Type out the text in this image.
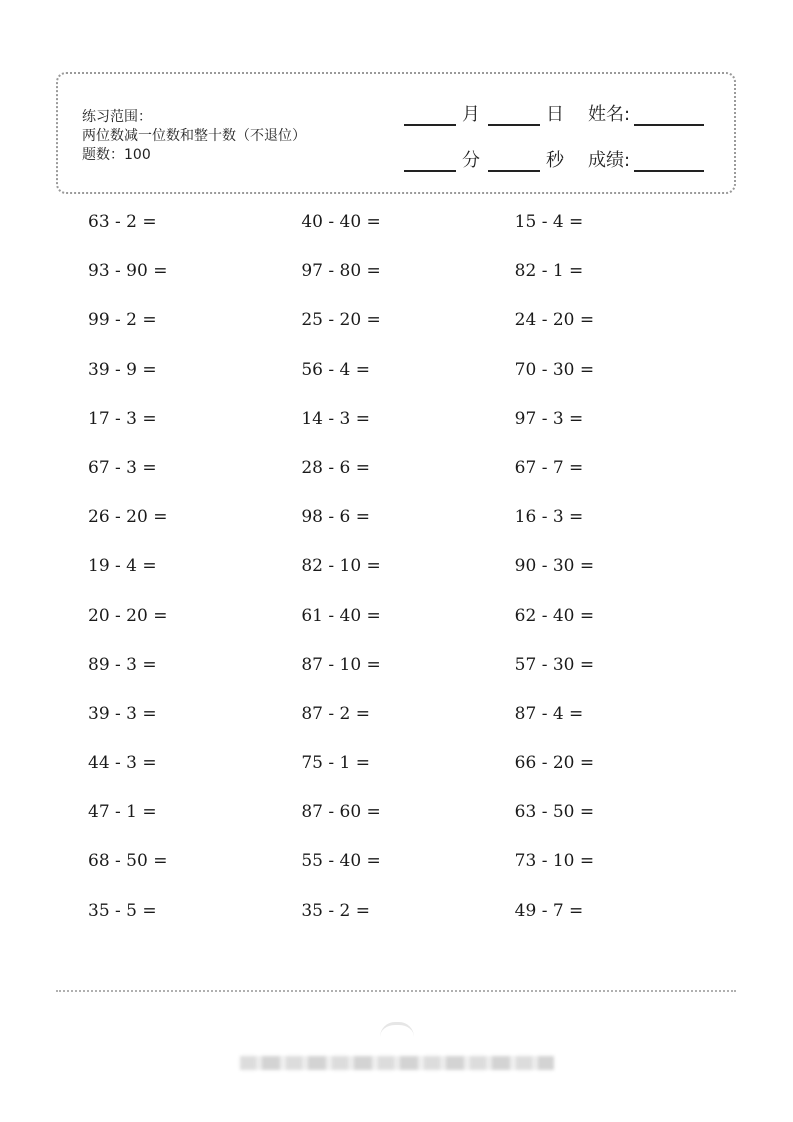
练习范围：
两位数减一位数和整十数（不退位）
题数：100
月	日 姓名:
分	秒 成绩:
63 - 2 =	40 - 40 =	15 - 4 =
93 - 90 =	97 - 80 =	82 - 1 =
99 - 2 =	25 - 20 =	24 - 20 =
39 - 9 =	56 - 4 =	70 - 30 =
17 - 3 =	14 - 3 =	97 - 3 =
67 - 3 =	28 - 6 =	67 - 7 =
26 - 20 =	98 - 6 =	16 - 3 =
19 - 4 =	82 - 10 =	90 - 30 =
20 - 20 =	61 - 40 =	62 - 40 =
89 - 3 =	87 - 10 =	57 - 30 =
39 - 3 =	87 - 2 =	87 - 4 =
44 - 3 =	75 - 1 =	66 - 20 =
47 - 1 =	87 - 60 =	63 - 50 =
68 - 50 =	55 - 40 =	73 - 10 =
35 - 5 =	35 - 2 =	49 - 7 =
